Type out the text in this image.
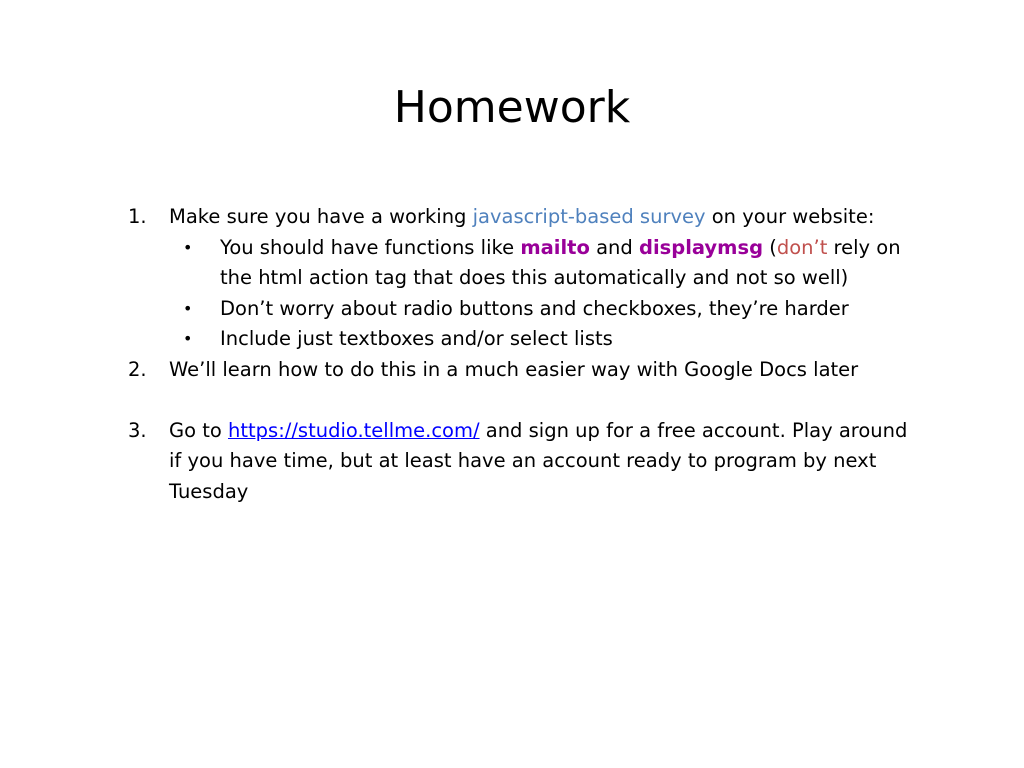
Homework
1. Make sure you have a working javascript-based survey on your website:
• You should have functions like mailto and displaymsg (don’t rely on the html action tag that does this automatically and not so well)
• Don’t worry about radio buttons and checkboxes, they’re harder
• Include just textboxes and/or select lists
2. We’ll learn how to do this in a much easier way with Google Docs later
3. Go to https://studio.tellme.com/ and sign up for a free account. Play around if you have time, but at least have an account ready to program by next Tuesday
